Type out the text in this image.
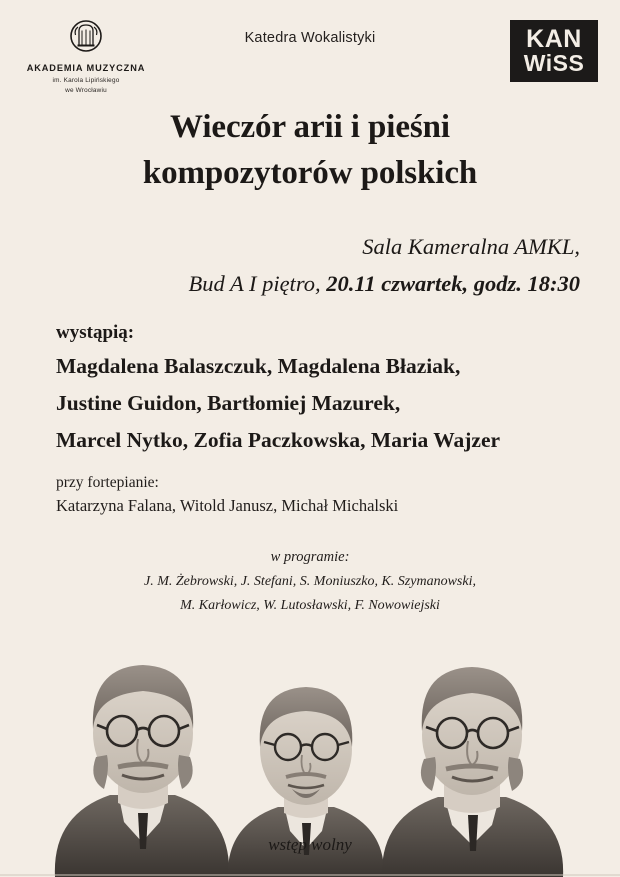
AKADEMIA MUZYCZNA
im. Karola Lipińskiego
we Wrocławiu
Katedra Wokalistyki	KAN
WiSS
Wieczór arii i pieśni
kompozytorów polskich
Sala Kameralna AMKL,
Bud A I piętro, 20.11 czwartek, godz. 18:30
wystąpią:
Magdalena Balaszczuk, Magdalena Błaziak,
Justine Guidon, Bartłomiej Mazurek,
Marcel Nytko, Zofia Paczkowska, Maria Wajzer
przy fortepianie:
Katarzyna Falana, Witold Janusz, Michał Michalski
w programie:
J. M. Żebrowski, J. Stefani, S. Moniuszko, K. Szymanowski,
M. Karłowicz, W. Lutosławski, F. Nowowiejski
wstęp wolny
